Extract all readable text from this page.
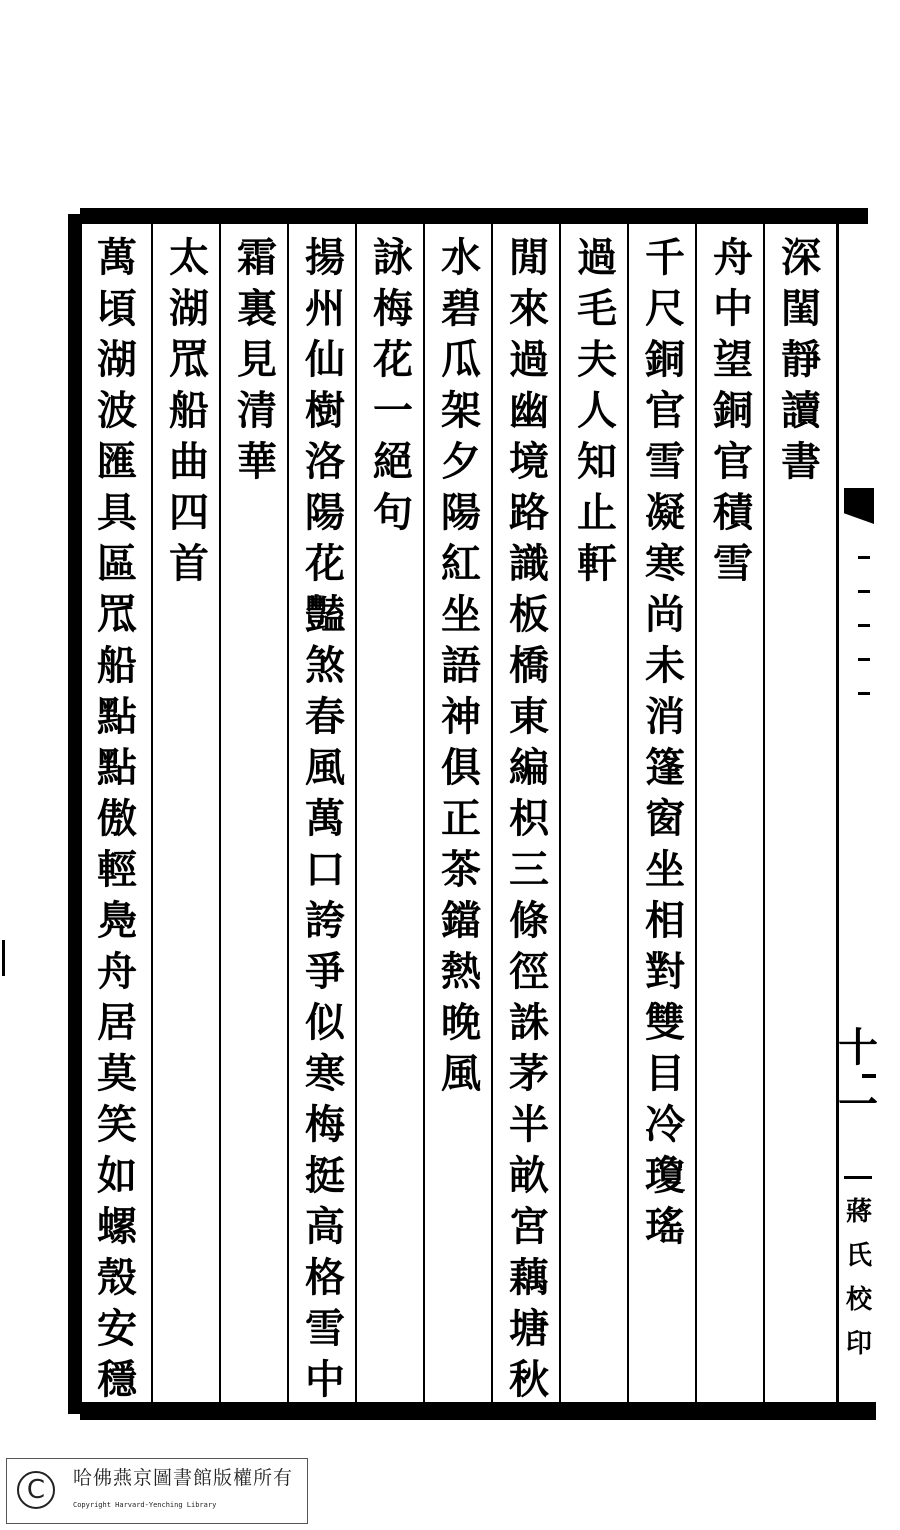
深
閨
靜
讀
書
舟
中
望
銅
官
積
雪
千
尺
銅
官
雪
凝
寒
尚
未
消
篷
窗
坐
相
對
雙
目
冷
瓊
瑤
過
毛
夫
人
知
止
軒
閒
來
過
幽
境
路
識
板
橋
東
編
枳
三
條
徑
誅
茅
半
畝
宮
藕
塘
秋
水
碧
瓜
架
夕
陽
紅
坐
語
神
俱
正
茶
鐺
熱
晚
風
詠
梅
花
一
絕
句
揚
州
仙
樹
洛
陽
花
豔
煞
春
風
萬
口
誇
爭
似
寒
梅
挺
高
格
雪
中
霜
裏
見
清
華
太
湖
罛
船
曲
四
首
萬
頃
湖
波
匯
具
區
罛
船
點
點
傲
輕
鳧
舟
居
莫
笑
如
螺
殼
安
穩
十一
蔣
氏
校
印
C	哈佛燕京圖書館版權所有
Copyright Harvard-Yenching Library
